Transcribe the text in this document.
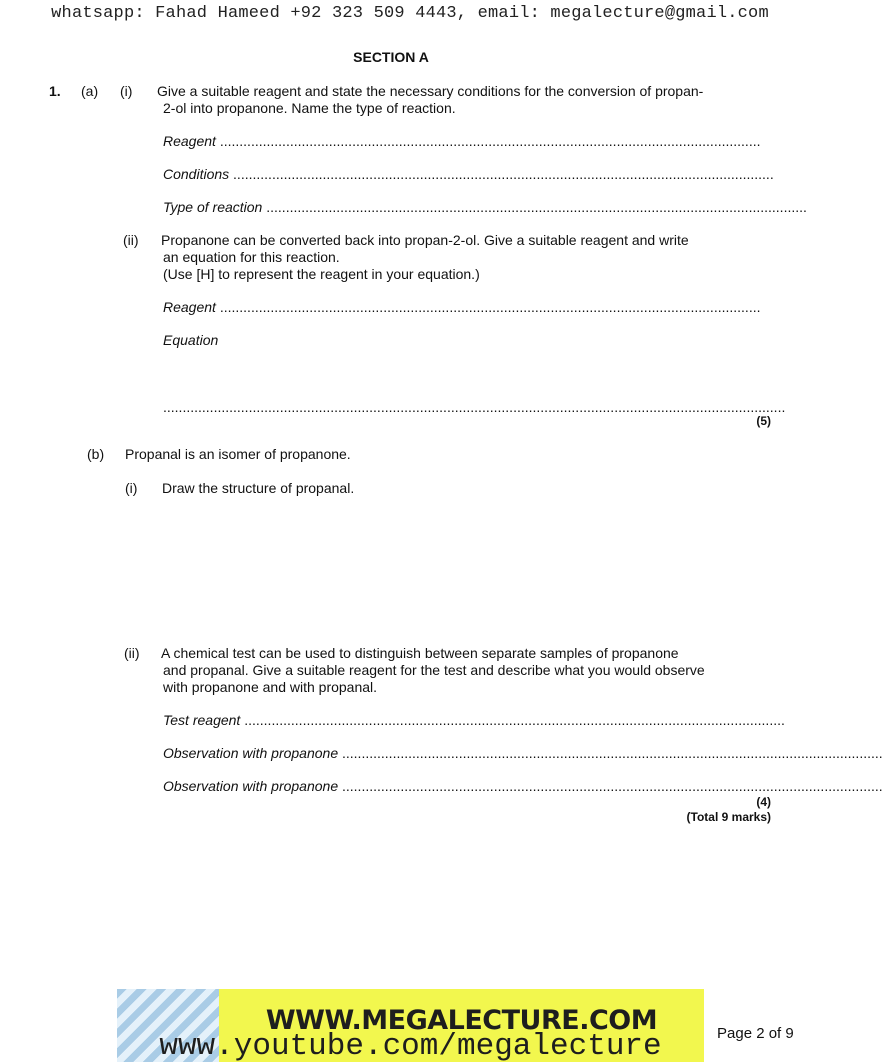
whatsapp: Fahad Hameed +92 323 509 4443, email: megalecture@gmail.com
SECTION A
1. (a) (i) Give a suitable reagent and state the necessary conditions for the conversion of propan-
2-ol into propanone. Name the type of reaction.
Reagent ...........................................................................................................................................
Conditions ...........................................................................................................................................
Type of reaction ...........................................................................................................................................
(ii) Propanone can be converted back into propan-2-ol. Give a suitable reagent and write
an equation for this reaction.
(Use [H] to represent the reagent in your equation.)
Reagent ...........................................................................................................................................
Equation
................................................................................................................................................................
(5)
(b) Propanal is an isomer of propanone.
(i) Draw the structure of propanal.
(ii) A chemical test can be used to distinguish between separate samples of propanone
and propanal. Give a suitable reagent for the test and describe what you would observe
with propanone and with propanal.
Test reagent ...........................................................................................................................................
Observation with propanone ...........................................................................................................................................
Observation with propanone ...........................................................................................................................................
(4)
(Total 9 marks)
WWW.MEGALECTURE.COM
www.youtube.com/megalecture	Page 2 of 9
